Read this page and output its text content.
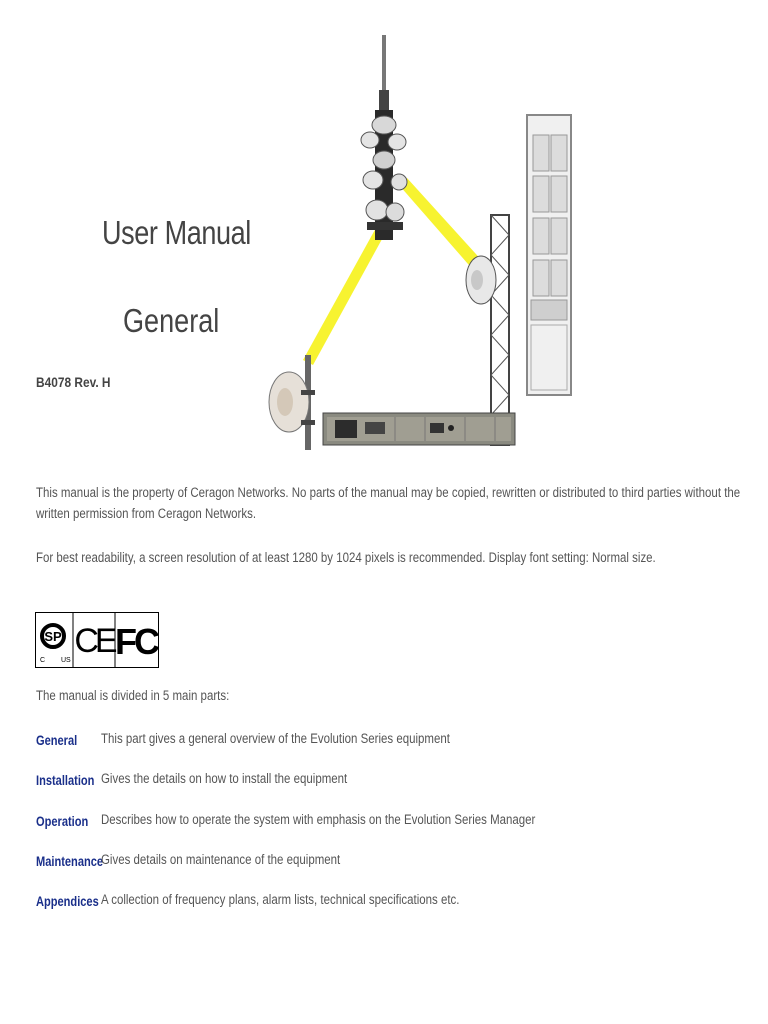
User Manual
General
B4078 Rev. H
This manual is the property of Ceragon Networks. No parts of the manual may be copied, rewritten or distributed to third parties without the written permission from Ceragon Networks.
For best readability, a screen resolution of at least 1280 by 1024 pixels is recommended. Display font setting: Normal size.
SP
C US
CE FC
The manual is divided in 5 main parts:
General This part gives a general overview of the Evolution Series equipment
Installation Gives the details on how to install the equipment
Operation Describes how to operate the system with emphasis on the Evolution Series Manager
Maintenance
Gives details on maintenance of the equipment
Appendices A collection of frequency plans, alarm lists, technical specifications etc.
